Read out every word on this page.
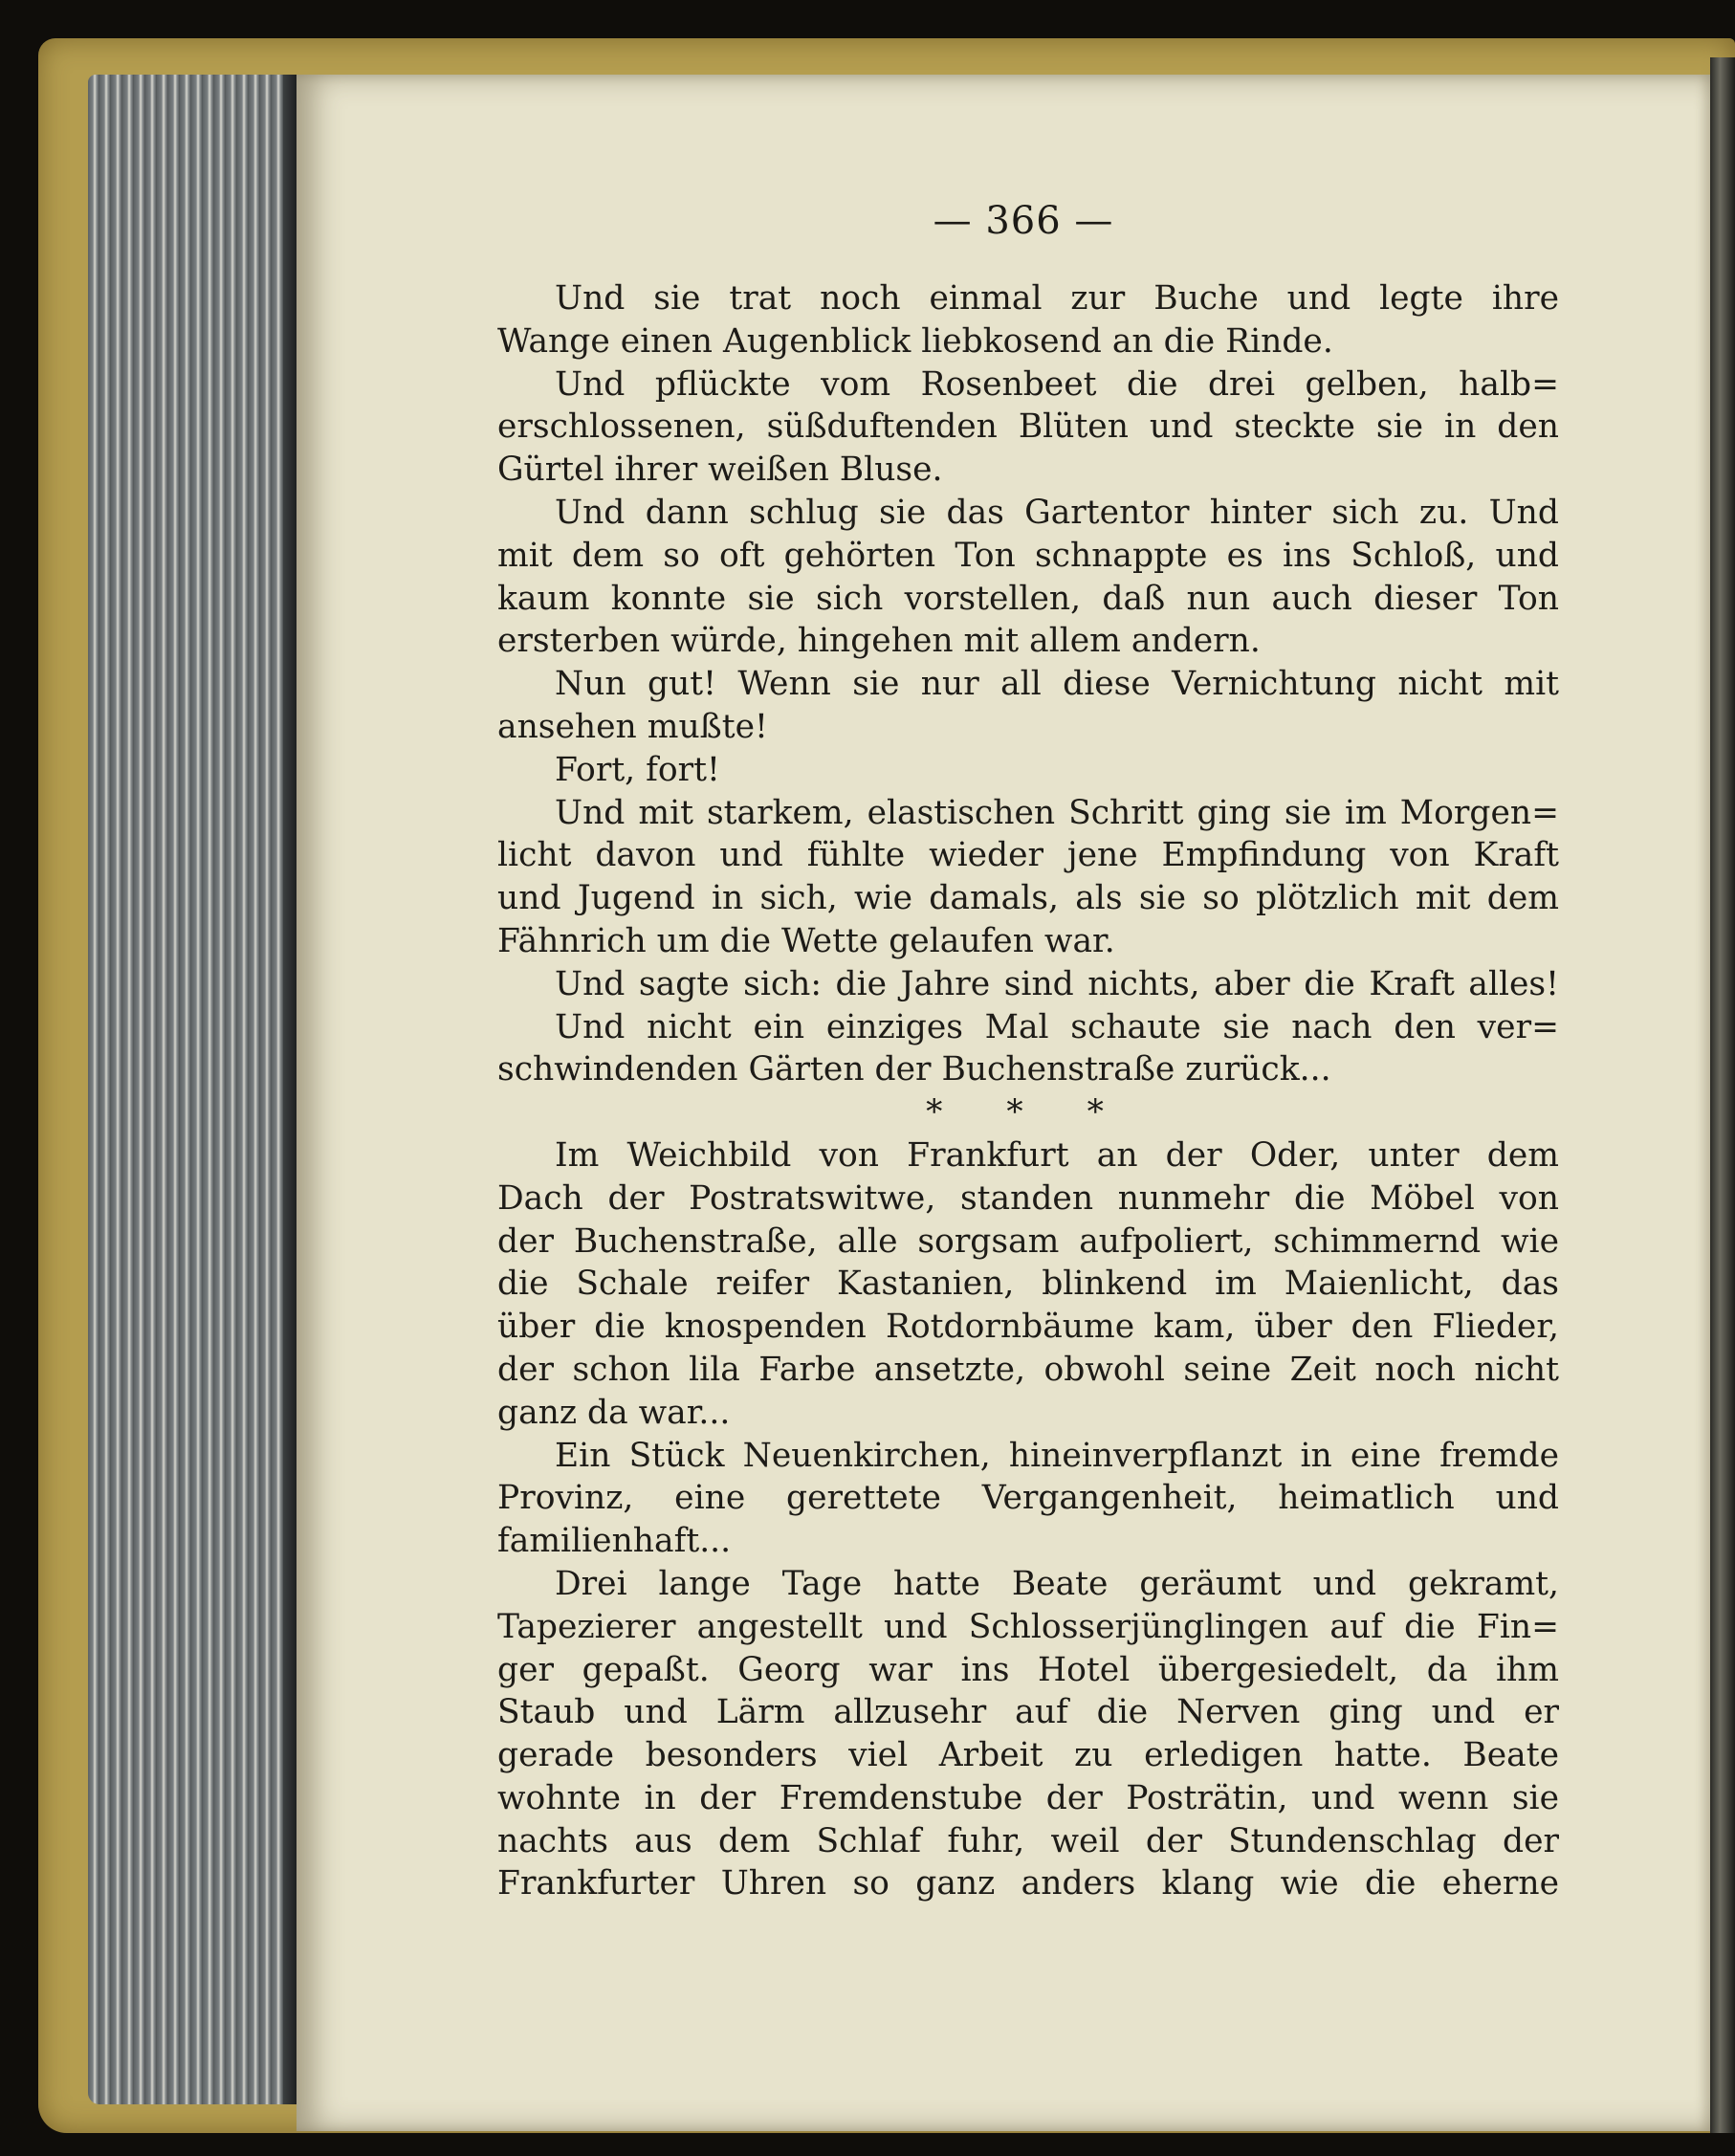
— 366 —
Und sie trat noch einmal zur Buche und legte ihre
Wange einen Augenblick liebkosend an die Rinde.
Und pflückte vom Rosenbeet die drei gelben, halb=
erschlossenen, süßduftenden Blüten und steckte sie in den
Gürtel ihrer weißen Bluse.
Und dann schlug sie das Gartentor hinter sich zu. Und
mit dem so oft gehörten Ton schnappte es ins Schloß, und
kaum konnte sie sich vorstellen, daß nun auch dieser Ton
ersterben würde, hingehen mit allem andern.
Nun gut! Wenn sie nur all diese Vernichtung nicht mit
ansehen mußte!
Fort, fort!
Und mit starkem, elastischen Schritt ging sie im Morgen=
licht davon und fühlte wieder jene Empfindung von Kraft
und Jugend in sich, wie damals, als sie so plötzlich mit dem
Fähnrich um die Wette gelaufen war.
Und sagte sich: die Jahre sind nichts, aber die Kraft alles!
Und nicht ein einziges Mal schaute sie nach den ver=
schwindenden Gärten der Buchenstraße zurück...
* * *
Im Weichbild von Frankfurt an der Oder, unter dem
Dach der Postratswitwe, standen nunmehr die Möbel von
der Buchenstraße, alle sorgsam aufpoliert, schimmernd wie
die Schale reifer Kastanien, blinkend im Maienlicht, das
über die knospenden Rotdornbäume kam, über den Flieder,
der schon lila Farbe ansetzte, obwohl seine Zeit noch nicht
ganz da war...
Ein Stück Neuenkirchen, hineinverpflanzt in eine fremde
Provinz, eine gerettete Vergangenheit, heimatlich und
familienhaft...
Drei lange Tage hatte Beate geräumt und gekramt,
Tapezierer angestellt und Schlosserjünglingen auf die Fin=
ger gepaßt. Georg war ins Hotel übergesiedelt, da ihm
Staub und Lärm allzusehr auf die Nerven ging und er
gerade besonders viel Arbeit zu erledigen hatte. Beate
wohnte in der Fremdenstube der Posträtin, und wenn sie
nachts aus dem Schlaf fuhr, weil der Stundenschlag der
Frankfurter Uhren so ganz anders klang wie die eherne
